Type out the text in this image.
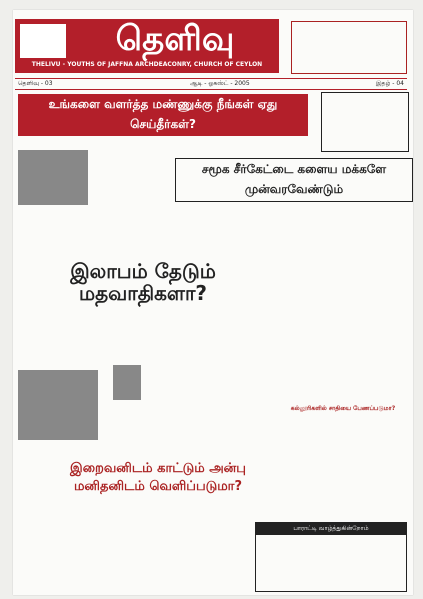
தெளிவு
THELIVU - YOUTHS OF JAFFNA ARCHDEACONRY, CHURCH OF CEYLON
தெளிவு - 03	ஆடி - ஓகஸ்ட் - 2005	இதழ் - 04
உங்களை வளர்த்த மண்ணுக்கு நீங்கள் ஏது செய்தீர்கள்?
சமூக சீர்கேட்டை களைய மக்களே முன்வரவேண்டும்
இலாபம் தேடும் மதவாதிகளா?
கல்லூரிகளில் சாதியை பேணப்படுமா?
இறைவனிடம் காட்டும் அன்பு மனிதனிடம் வெளிப்படுமா?
பாராட்டி வாழ்த்துகின்றோம்
